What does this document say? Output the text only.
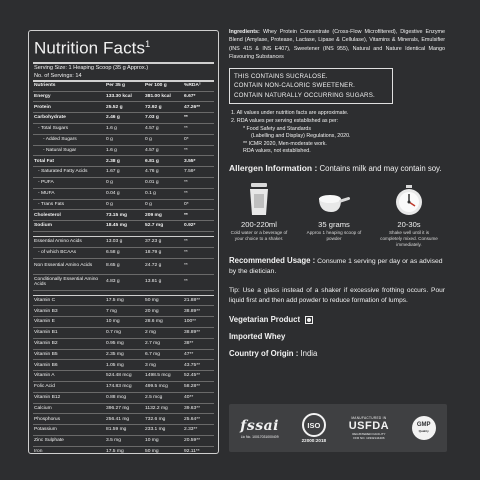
Nutrition Facts$^1$
Serving Size: 1 Heaping Scoop (35 g Approx.)
No. of Servings: 14
Nutrients	Per 35 g	Per 100 g	%RDA²
Energy	133.30 kcal	381.00 kcal	6.67*
Protein	25.52 g	72.92 g	47.26**
Carbohydrate	2.46 g	7.03 g	**
- Total Sugars	1.6 g	4.57 g	**
- Added Sugars	0 g	0 g	0*
- Natural Sugar	1.6 g	4.57 g	**
Total Fat	2.38 g	6.81 g	3.55*
- Saturated Fatty Acids	1.67 g	4.76 g	7.59*
- PUFA	0 g	0.01 g	**
- MUFA	0.04 g	0.1 g	**
- Trans Fats	0 g	0 g	0*
Cholesterol	73.15 mg	209 mg	**
Sodium	18.45 mg	52.7 mg	0.92*

Essential Amino Acids	13.03 g	37.23 g	**
- of which BCAAs	6.58 g	18.79 g	**
Non Essential Amino Acids	8.65 g	24.72 g	**
Conditionally Essential Amino Acids	4.83 g	13.81 g	**

Vitamin C	17.5 mg	50 mg	21.88**
Vitamin B3	7 mg	20 mg	38.89**
Vitamin E	10 mg	28.6 mg	100**
Vitamin B1	0.7 mg	2 mg	38.89**
Vitamin B2	0.95 mg	2.7 mg	38**
Vitamin B5	2.35 mg	6.7 mg	47**
Vitamin B6	1.05 mg	3 mg	43.75**
Vitamin A	524.48 mcg	1498.5 mcg	52.45**
Folic Acid	174.83 mcg	499.5 mcg	58.28**
Vitamin B12	0.88 mcg	2.5 mcg	40**
Calcium	396.27 mg	1132.2 mg	39.63**
Phosphorus	256.41 mg	732.6 mg	25.64**
Potassium	81.59 mg	233.1 mg	2.33**
Zinc Sulphate	3.5 mg	10 mg	20.59**
Iron	17.5 mg	50 mg	92.11**
Ingredients: Whey Protein Concentrate (Cross-Flow Microfiltered), Digestive Enzyme Blend (Amylase, Protease, Lactase, Lipase & Cellulase), Vitamins & Minerals, Emulsifier (INS 415 & INS E407), Sweetener (INS 955), Natural and Nature Identical Mango Flavouring Substances
THIS CONTAINS SUCRALOSE.
CONTAIN NON-CALORIC SWEETENER.
CONTAIN NATURALLY OCCURRING SUGARS.
1. All values under nutrition facts are approximate.
2. RDA values per serving established as per:
* Food Safety and Standards
(Labelling and Display) Regulations, 2020.
** ICMR 2020, Men-moderate work.
RDA values, not established.
Allergen Information : Contains milk and may contain soy.
200-220ml
Cold water or a beverage of your choice to a shaker.
35 grams
Approx 1 heaping scoop of powder
20-30s
Shake well until it is completely mixed. Consume immediately.
Recommended Usage : Consume 1 serving per day or as advised by the dietician.
Tip: Use a glass instead of a shaker if excessive frothing occurs. Pour liquid first and then add powder to reduce formation of lumps.
Vegetarian Product
Imported Whey
Country of Origin : India
fssai
Lic No. 10017031000409
ISO
22000:2018
MANUFACTURED IN
USFDA
REGISTERED FACILITY
FFR NO. 13332144406
GMP
Quality
